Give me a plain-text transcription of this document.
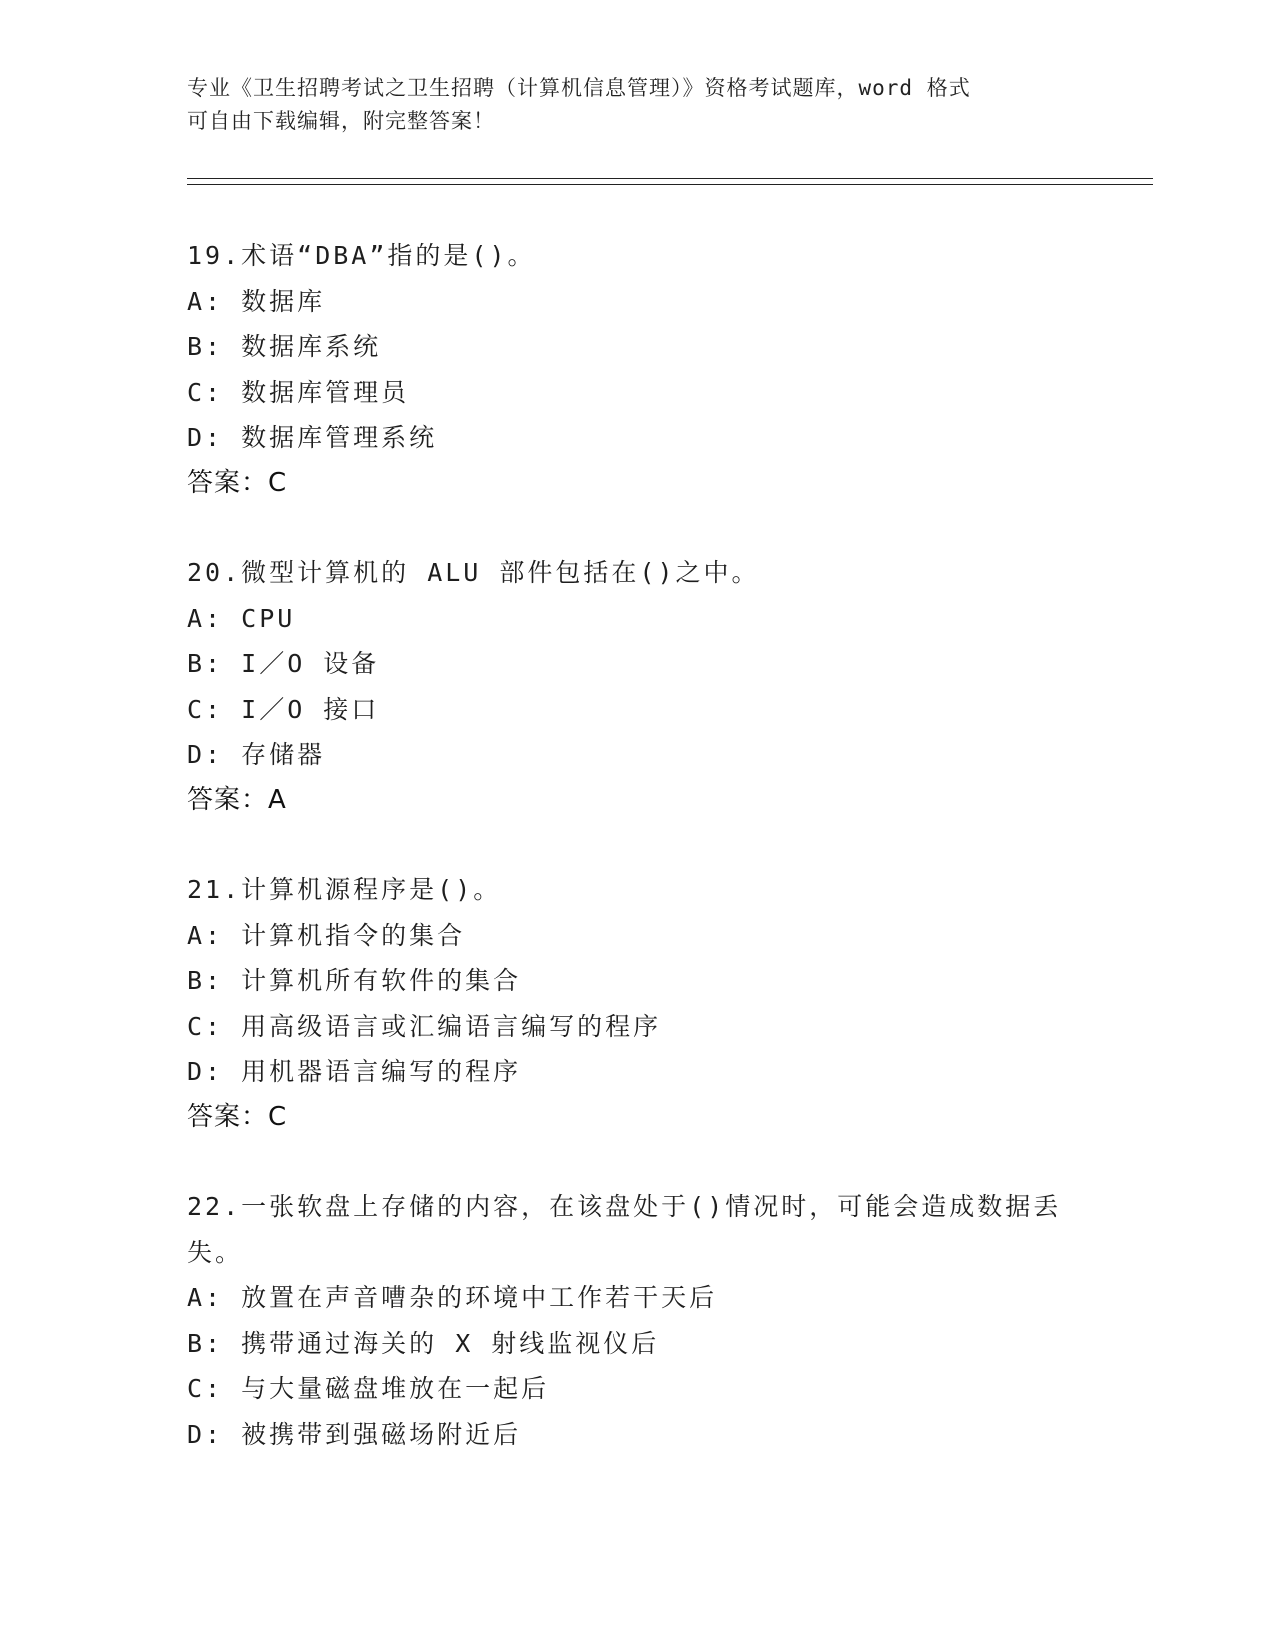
专业《卫生招聘考试之卫生招聘（计算机信息管理）》资格考试题库，word 格式
可自由下载编辑，附完整答案！
19.术语“DBA”指的是()。
A: 数据库
B: 数据库系统
C: 数据库管理员
D: 数据库管理系统
答案：C
20.微型计算机的 ALU 部件包括在()之中。
A: CPU
B: I／O 设备
C: I／O 接口
D: 存储器
答案：A
21.计算机源程序是()。
A: 计算机指令的集合
B: 计算机所有软件的集合
C: 用高级语言或汇编语言编写的程序
D: 用机器语言编写的程序
答案：C
22.一张软盘上存储的内容，在该盘处于()情况时，可能会造成数据丢失。
A: 放置在声音嘈杂的环境中工作若干天后
B: 携带通过海关的 X 射线监视仪后
C: 与大量磁盘堆放在一起后
D: 被携带到强磁场附近后
